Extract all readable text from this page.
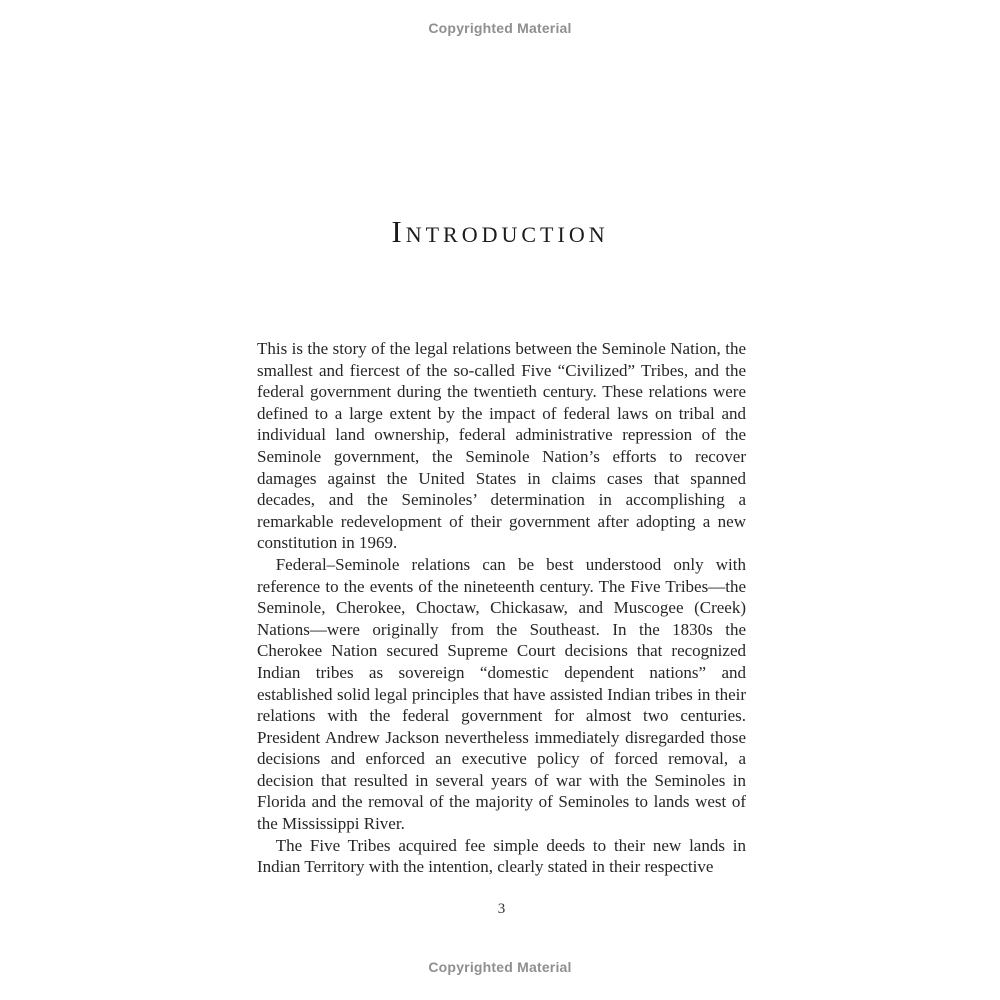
Copyrighted Material
Introduction

This is the story of the legal relations between the Seminole Nation, the smallest and fiercest of the so-called Five “Civilized” Tribes, and the federal government during the twentieth century. These relations were defined to a large extent by the impact of federal laws on tribal and individual land ownership, federal administrative repression of the Seminole government, the Seminole Nation’s efforts to recover damages against the United States in claims cases that spanned decades, and the Seminoles’ determination in accomplishing a remarkable redevelopment of their government after adopting a new constitution in 1969.

Federal–Seminole relations can be best understood only with reference to the events of the nineteenth century. The Five Tribes—the Seminole, Cherokee, Choctaw, Chickasaw, and Muscogee (Creek) Nations—were originally from the Southeast. In the 1830s the Cherokee Nation secured Supreme Court decisions that recognized Indian tribes as sovereign “domestic dependent nations” and established solid legal principles that have assisted Indian tribes in their relations with the federal government for almost two centuries. President Andrew Jackson nevertheless immediately disregarded those decisions and enforced an executive policy of forced removal, a decision that resulted in several years of war with the Seminoles in Florida and the removal of the majority of Seminoles to lands west of the Mississippi River.

The Five Tribes acquired fee simple deeds to their new lands in Indian Territory with the intention, clearly stated in their respective

3
Copyrighted Material
